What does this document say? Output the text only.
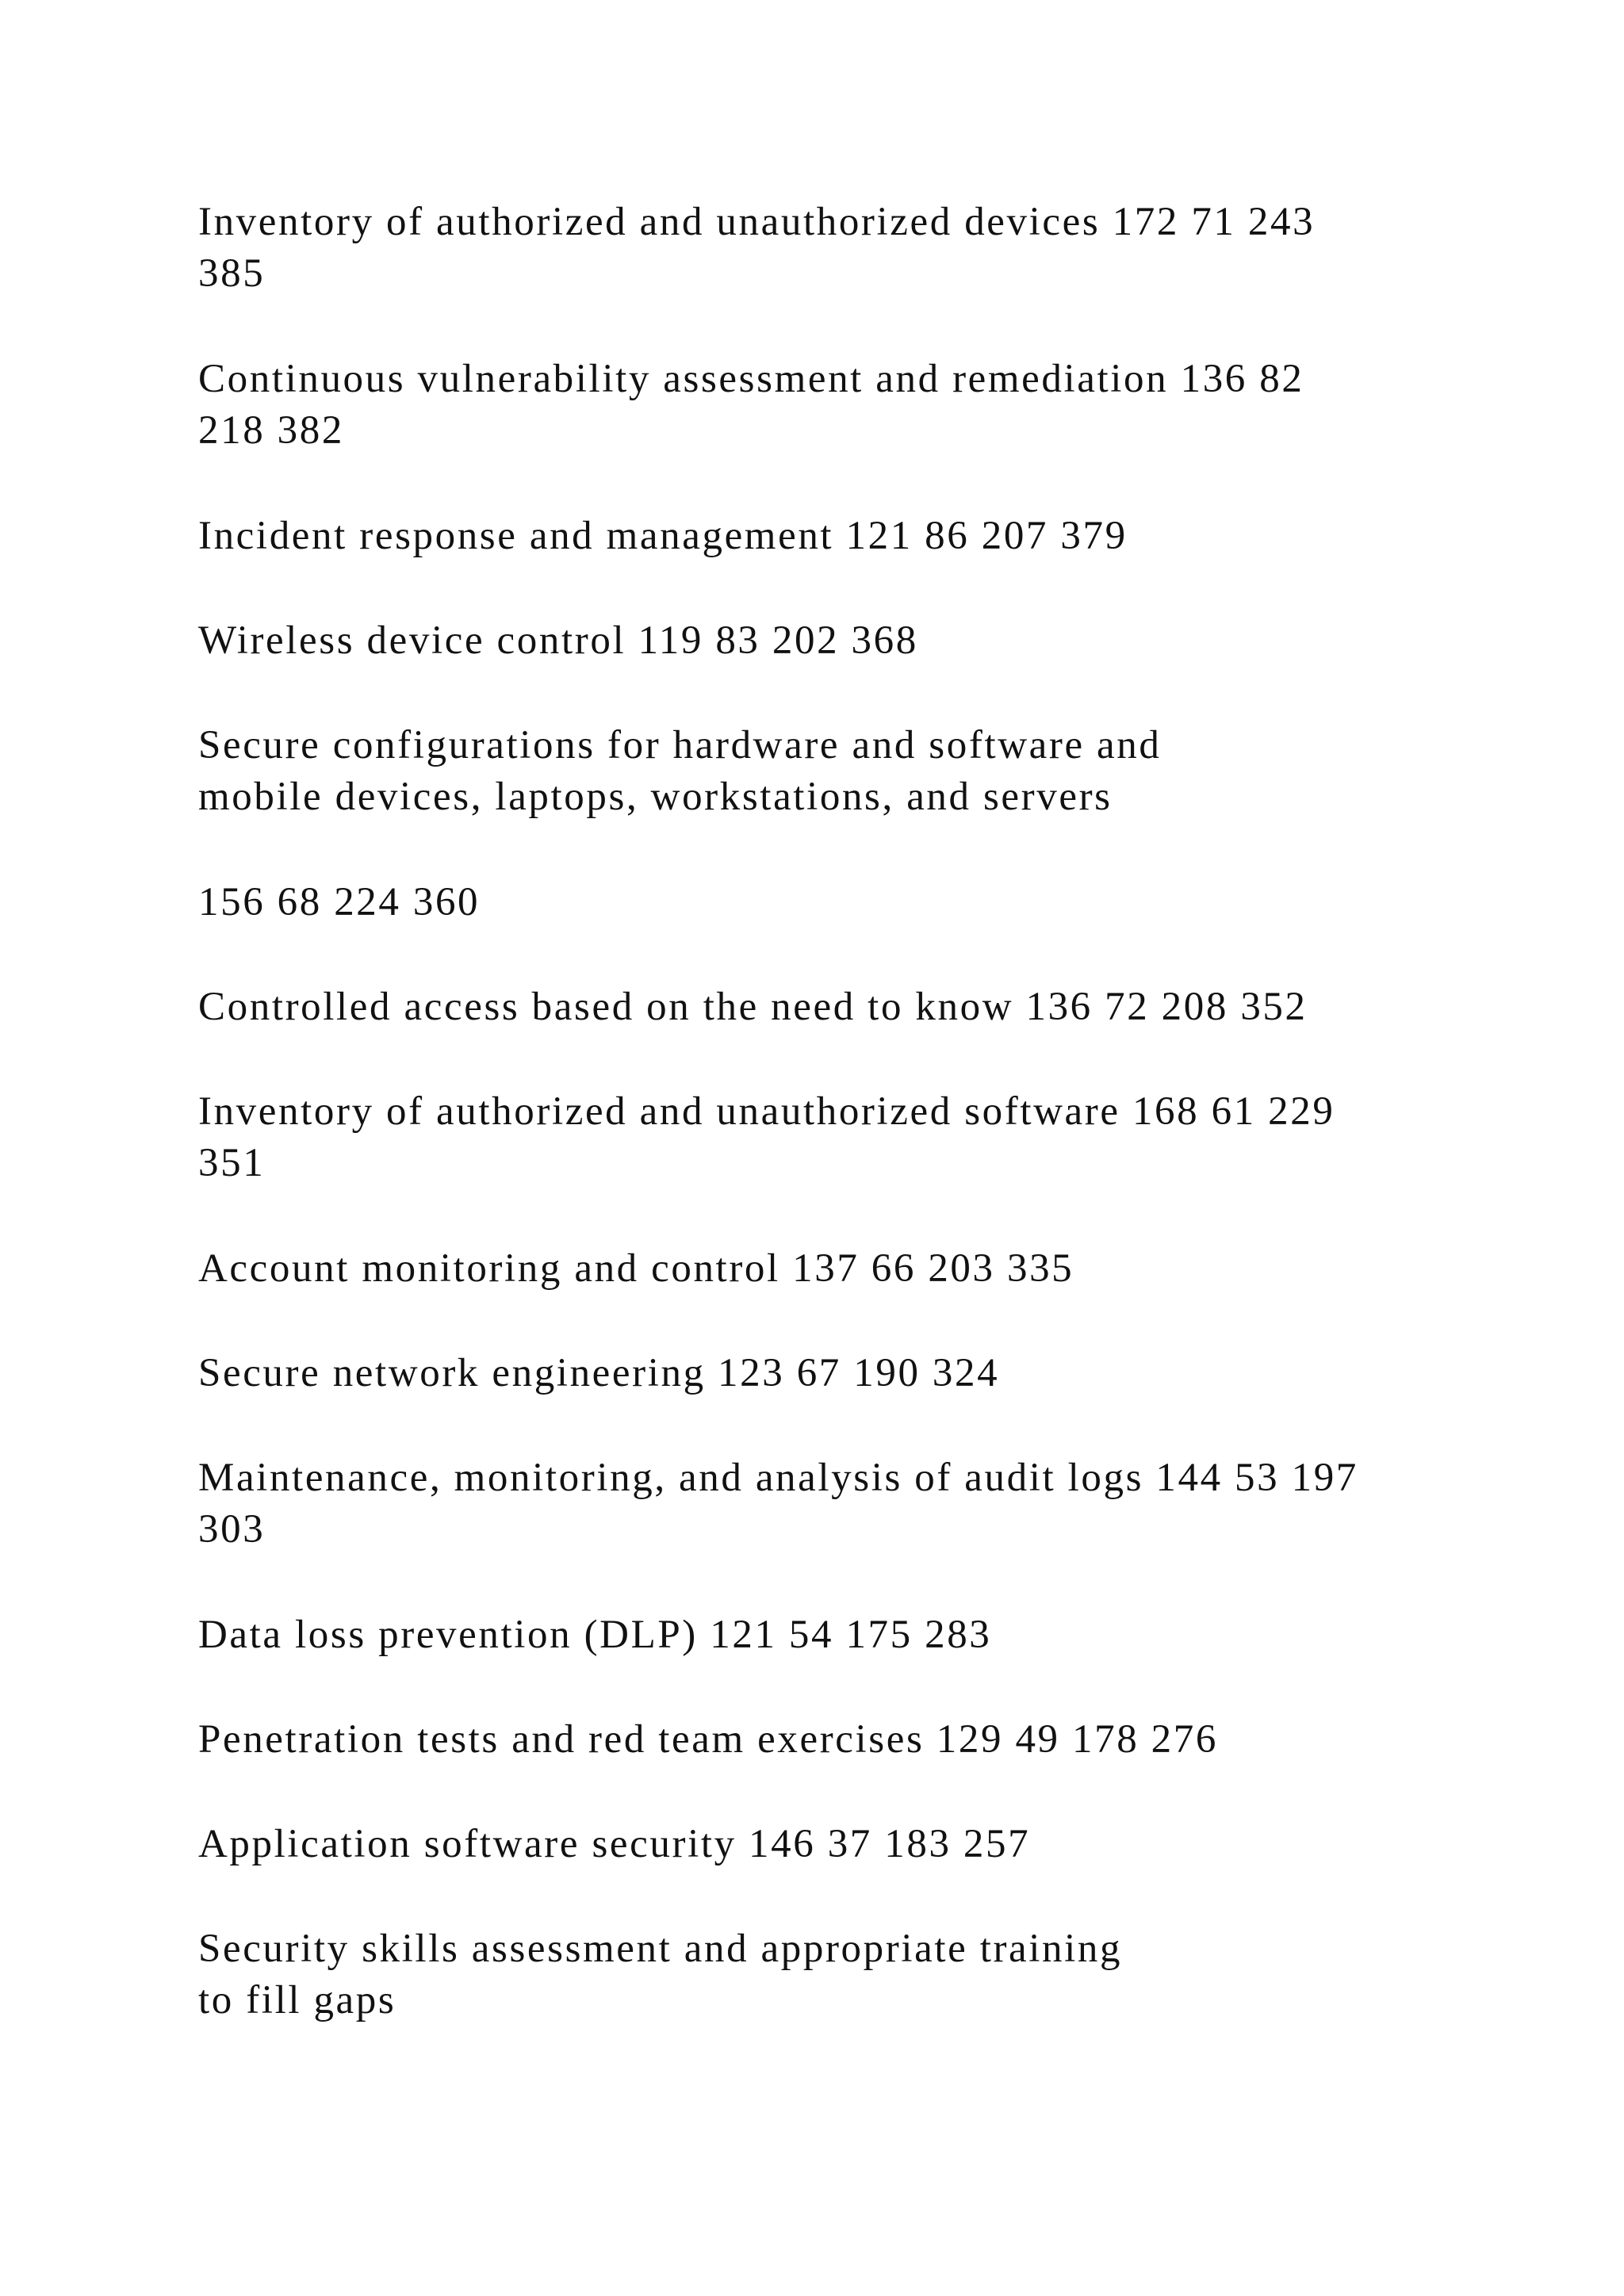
Inventory of authorized and unauthorized devices 172 71 243
385

Continuous vulnerability assessment and remediation 136 82
218 382

Incident response and management 121 86 207 379

Wireless device control 119 83 202 368

Secure configurations for hardware and software and
mobile devices, laptops, workstations, and servers

156 68 224 360

Controlled access based on the need to know 136 72 208 352

Inventory of authorized and unauthorized software 168 61 229
351

Account monitoring and control 137 66 203 335

Secure network engineering 123 67 190 324

Maintenance, monitoring, and analysis of audit logs 144 53 197
303

Data loss prevention (DLP) 121 54 175 283

Penetration tests and red team exercises 129 49 178 276

Application software security 146 37 183 257

Security skills assessment and appropriate training
to fill gaps
